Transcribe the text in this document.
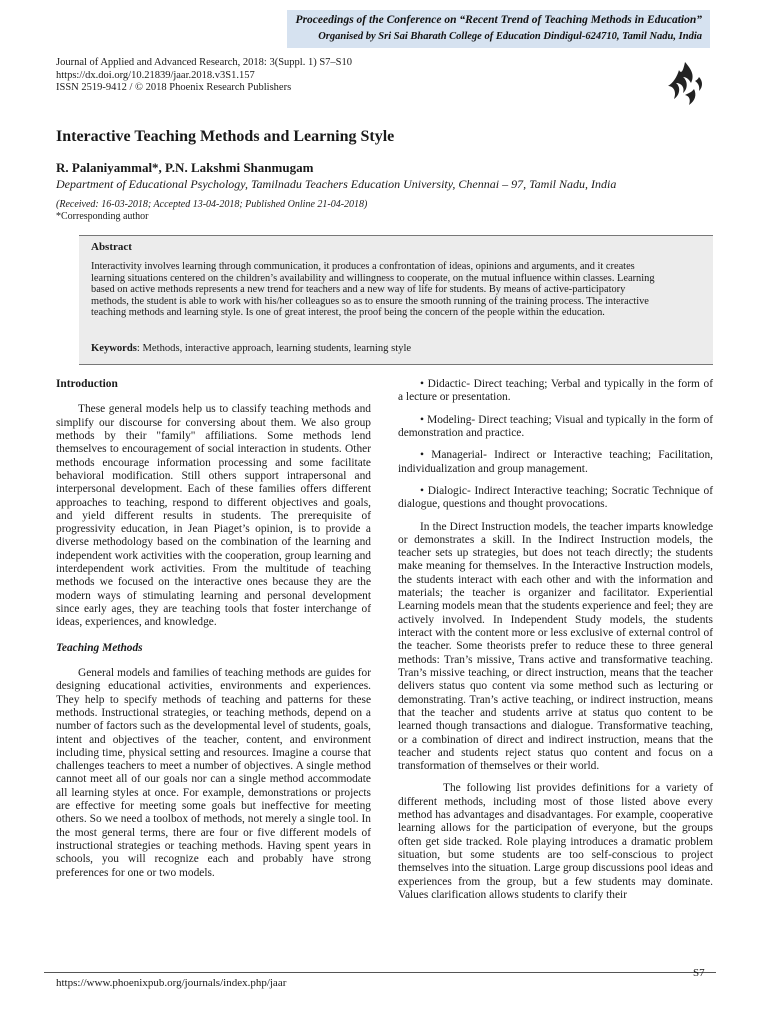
Proceedings of the Conference on “Recent Trend of Teaching Methods in Education”
Organised by Sri Sai Bharath College of Education Dindigul-624710, Tamil Nadu, India
Journal of Applied and Advanced Research, 2018: 3(Suppl. 1) S7–S10
https://dx.doi.org/10.21839/jaar.2018.v3S1.157
ISSN 2519-9412 / © 2018 Phoenix Research Publishers
Interactive Teaching Methods and Learning Style
R. Palaniyammal*, P.N. Lakshmi Shanmugam
Department of Educational Psychology, Tamilnadu Teachers Education University, Chennai – 97, Tamil Nadu, India
(Received: 16-03-2018; Accepted 13-04-2018; Published Online 21-04-2018)
*Corresponding author
Abstract
Interactivity involves learning through communication, it produces a confrontation of ideas, opinions and arguments, and it creates learning situations centered on the children’s availability and willingness to cooperate, on the mutual influence within classes. Learning based on active methods represents a new trend for teachers and a new way of life for students. By means of active-participatory methods, the student is able to work with his/her colleagues so as to ensure the smooth running of the training process. The interactive teaching methods and learning style. Is one of great interest, the proof being the concern of the people within the education.
Keywords: Methods, interactive approach, learning students, learning style
Introduction

These general models help us to classify teaching methods and simplify our discourse for conversing about them. We also group methods by their "family" affiliations. Some methods lend themselves to encouragement of social interaction in students. Other methods encourage information processing and some facilitate behavioral modification. Still others support intrapersonal and interpersonal development. Each of these families offers different approaches to teaching, respond to different objectives and goals, and yield different results in students. The prerequisite of progressivity education, in Jean Piaget’s opinion, is to provide a diverse methodology based on the combination of the learning and independent work activities with the cooperation, group learning and interdependent work activities. From the multitude of teaching methods we focused on the interactive ones because they are the modern ways of stimulating learning and personal development since early ages, they are teaching tools that foster interchange of ideas, experiences, and knowledge.

Teaching Methods

General models and families of teaching methods are guides for designing educational activities, environments and experiences. They help to specify methods of teaching and patterns for these methods. Instructional strategies, or teaching methods, depend on a number of factors such as the developmental level of students, goals, intent and objectives of the teacher, content, and environment including time, physical setting and resources. Imagine a course that challenges teachers to meet a number of objectives. A single method cannot meet all of our goals nor can a single method accommodate all learning styles at once. For example, demonstrations or projects are effective for meeting some goals but ineffective for meeting others. So we need a toolbox of methods, not merely a single tool. In the most general terms, there are four or five different models of instructional strategies or teaching methods. Having spent years in schools, you will recognize each and probably have strong preferences for one or two models.

• Didactic- Direct teaching; Verbal and typically in the form of a lecture or presentation.

• Modeling- Direct teaching; Visual and typically in the form of demonstration and practice.

• Managerial- Indirect or Interactive teaching; Facilitation, individualization and group management.

• Dialogic- Indirect Interactive teaching; Socratic Technique of dialogue, questions and thought provocations.

In the Direct Instruction models, the teacher imparts knowledge or demonstrates a skill. In the Indirect Instruction models, the teacher sets up strategies, but does not teach directly; the students make meaning for themselves. In the Interactive Instruction models, the students interact with each other and with the information and materials; the teacher is organizer and facilitator. Experiential Learning models mean that the students experience and feel; they are actively involved. In Independent Study models, the students interact with the content more or less exclusive of external control of the teacher. Some theorists prefer to reduce these to three general methods: Tran’s missive, Trans active and transformative teaching. Tran’s missive teaching, or direct instruction, means that the teacher delivers status quo content via some method such as lecturing or demonstrating. Tran’s active teaching, or indirect instruction, means that the teacher and students arrive at status quo content to be learned though transactions and dialogue. Transformative teaching, or a combination of direct and indirect instruction, means that the teacher and students reject status quo content and focus on a transformation of themselves or their world.

The following list provides definitions for a variety of different methods, including most of those listed above every method has advantages and disadvantages. For example, cooperative learning allows for the participation of everyone, but the groups often get side tracked. Role playing introduces a dramatic problem situation, but some students are too self-conscious to project themselves into the situation. Large group discussions pool ideas and experiences from the group, but a few students may dominate. Values clarification allows students to clarify their

https://www.phoenixpub.org/journals/index.php/jaar
S7
